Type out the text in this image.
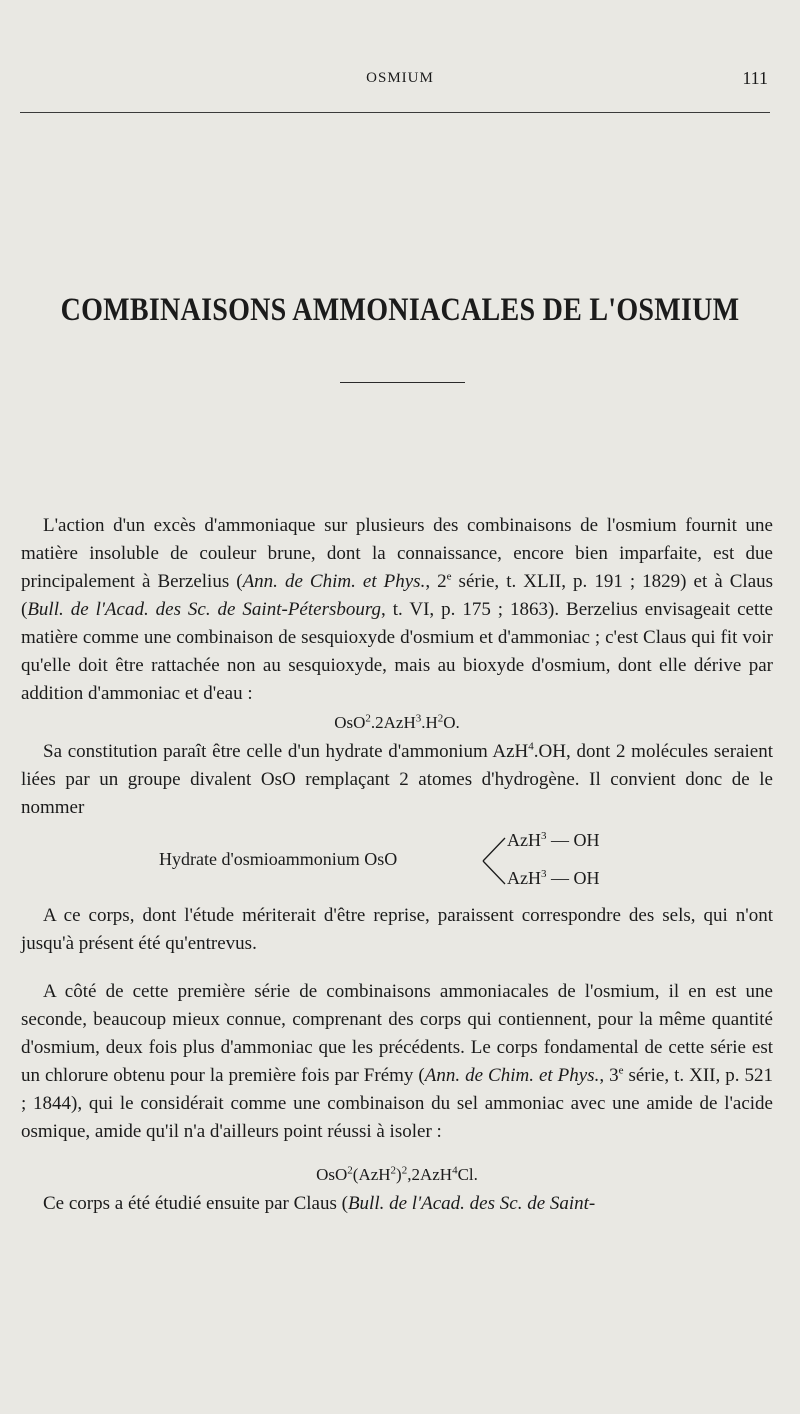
OSMIUM	111
COMBINAISONS AMMONIACALES DE L'OSMIUM

L'action d'un excès d'ammoniaque sur plusieurs des combinaisons de l'osmium fournit une matière insoluble de couleur brune, dont la connaissance, encore bien imparfaite, est due principalement à Berzelius (Ann. de Chim. et Phys., 2e série, t. XLII, p. 191 ; 1829) et à Claus (Bull. de l'Acad. des Sc. de Saint-Pétersbourg, t. VI, p. 175 ; 1863). Berzelius envisageait cette matière comme une combinaison de sesquioxyde d'osmium et d'ammoniac ; c'est Claus qui fit voir qu'elle doit être rattachée non au sesquioxyde, mais au bioxyde d'osmium, dont elle dérive par addition d'ammoniac et d'eau :

$OsO^2.2AzH^3.H^2O$.

Sa constitution paraît être celle d'un hydrate d'ammonium AzH$^4$.OH, dont 2 molécules seraient liées par un groupe divalent OsO remplaçant 2 atomes d'hydrogène. Il convient donc de le nommer

Hydrate d'osmioammonium OsO
AzH$^3$ — OH
AzH$^3$ — OH

A ce corps, dont l'étude mériterait d'être reprise, paraissent correspondre des sels, qui n'ont jusqu'à présent été qu'entrevus.

A côté de cette première série de combinaisons ammoniacales de l'osmium, il en est une seconde, beaucoup mieux connue, comprenant des corps qui contiennent, pour la même quantité d'osmium, deux fois plus d'ammoniac que les précédents. Le corps fondamental de cette série est un chlorure obtenu pour la première fois par Frémy (Ann. de Chim. et Phys., 3e série, t. XII, p. 521 ; 1844), qui le considérait comme une combinaison du sel ammoniac avec une amide de l'acide osmique, amide qu'il n'a d'ailleurs point réussi à isoler :

$OsO^2(AzH^2)^2,2AzH^4Cl$.

Ce corps a été étudié ensuite par Claus (Bull. de l'Acad. des Sc. de Saint-
